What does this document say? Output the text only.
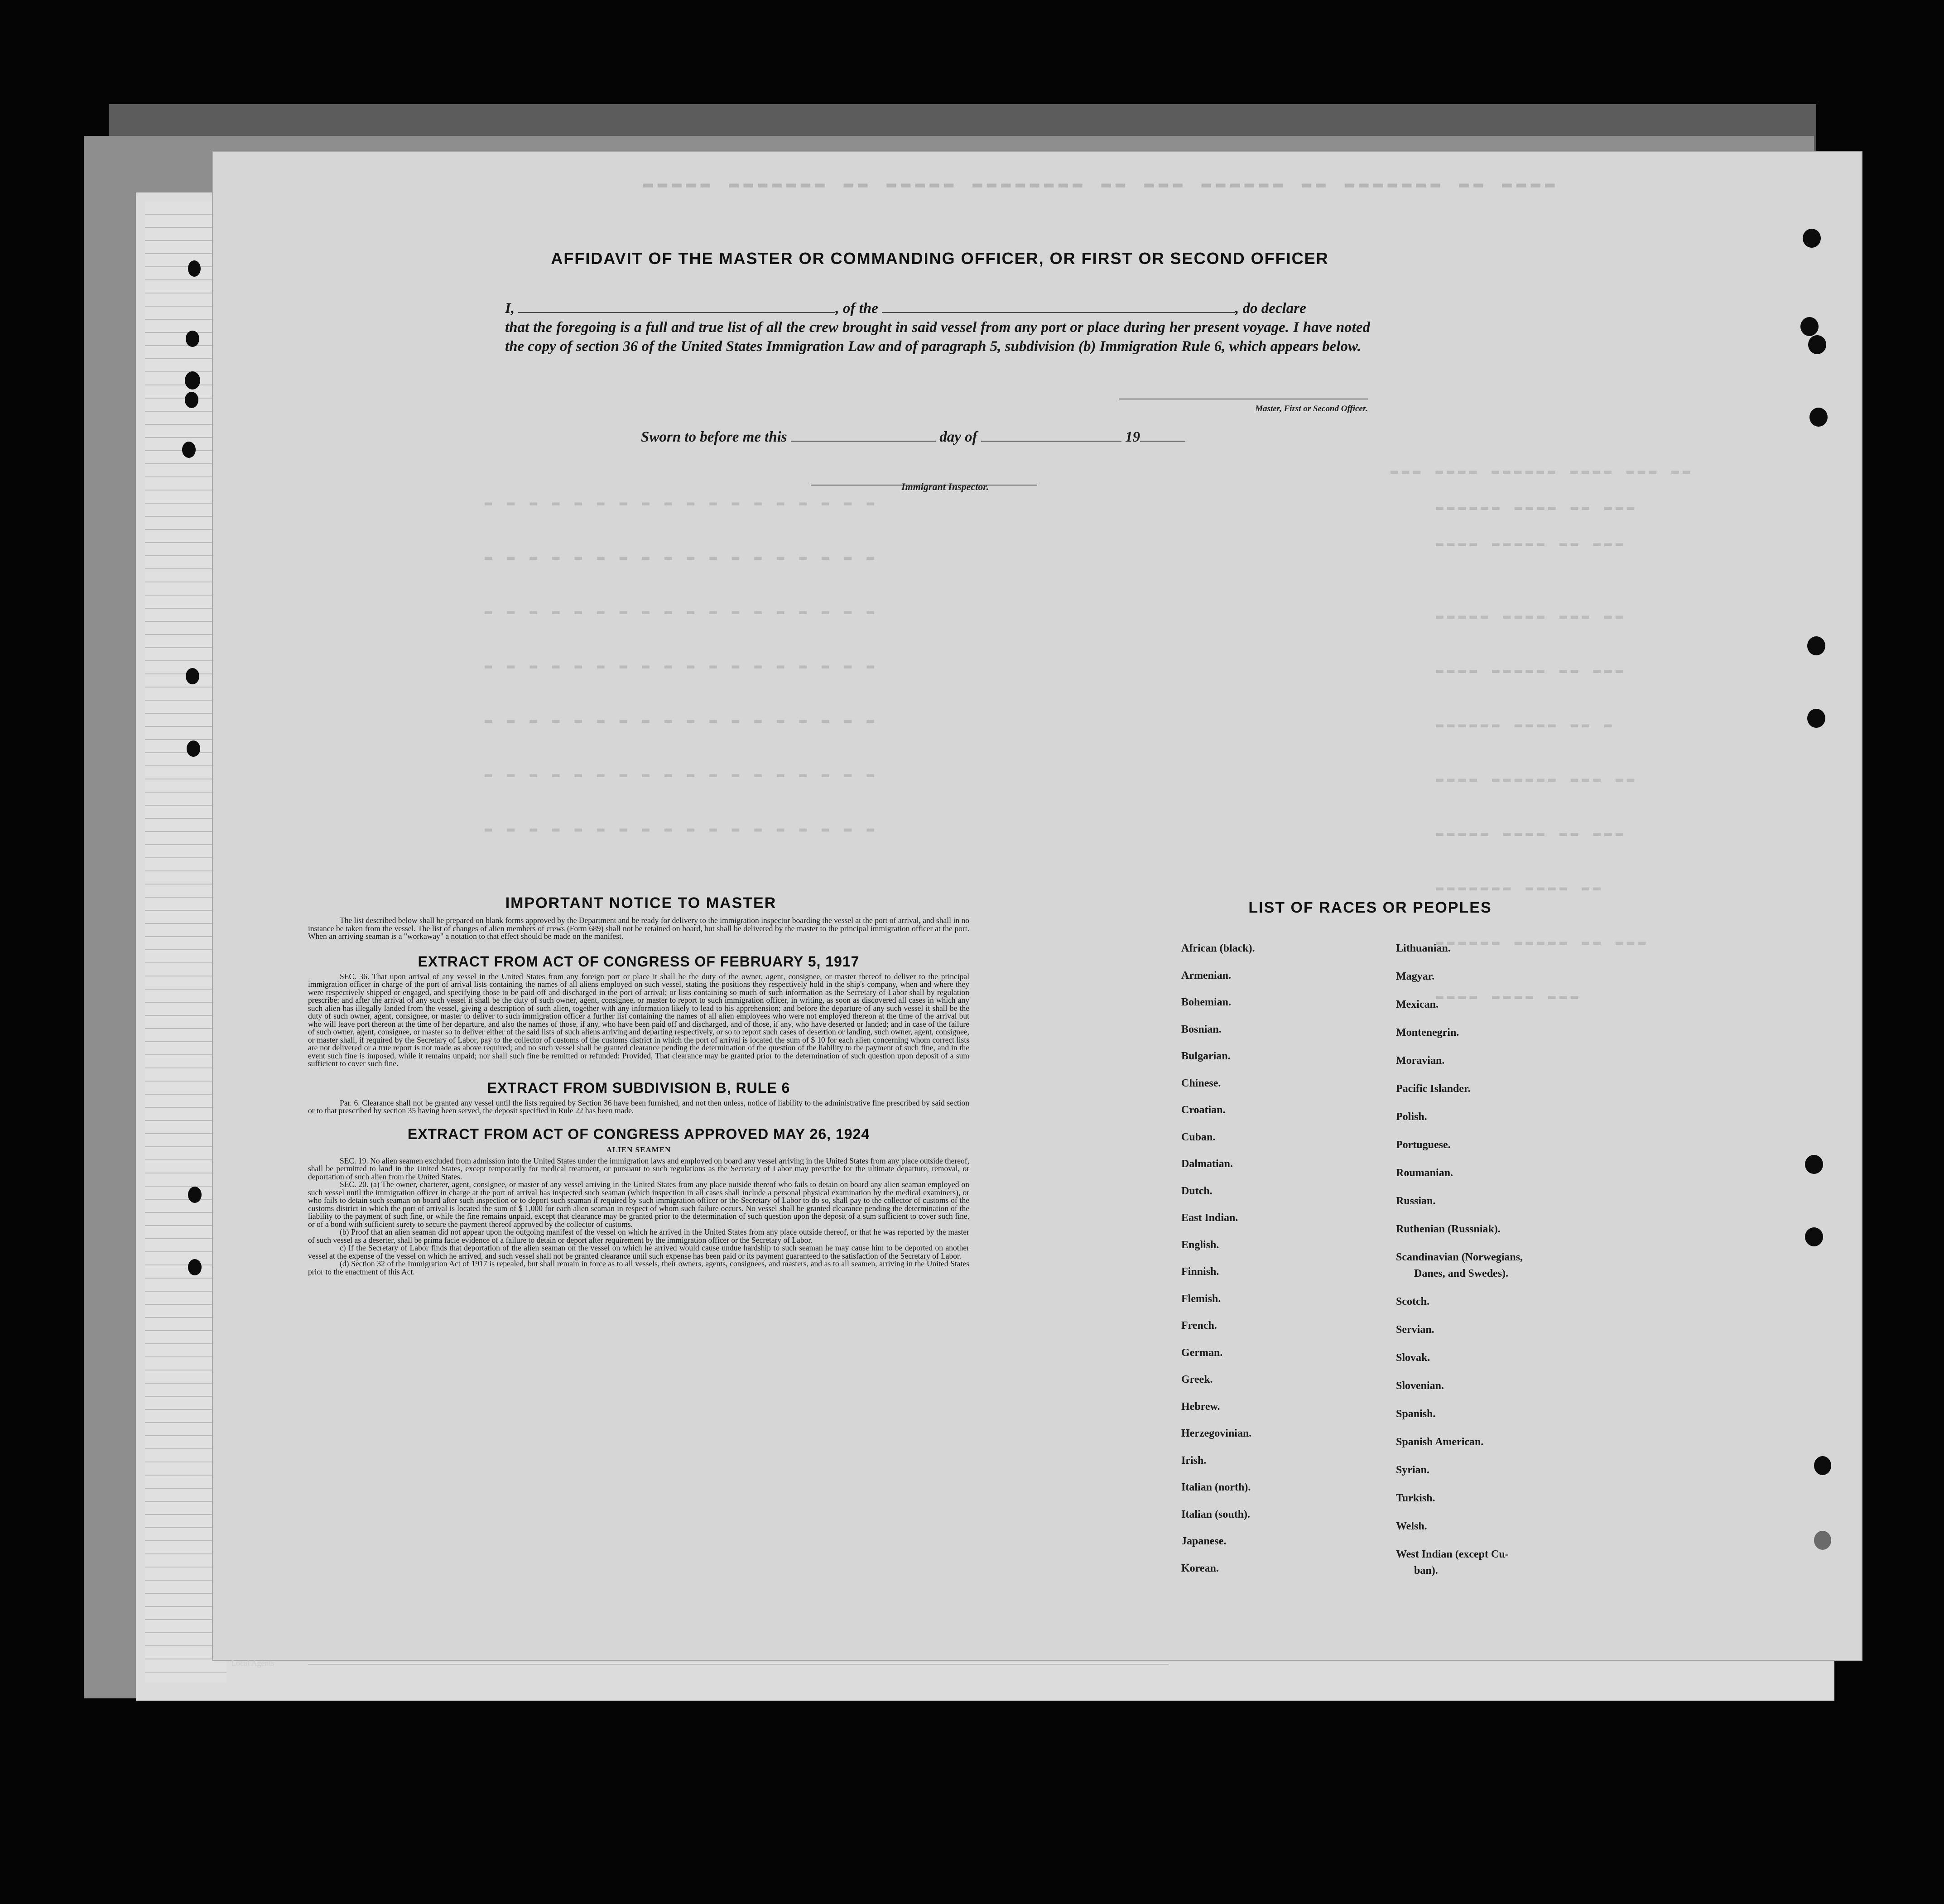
▬▬▬▬▬ ▬▬▬▬▬▬▬ ▬▬ ▬▬▬▬▬ ▬▬▬▬▬▬▬▬ ▬▬ ▬▬▬ ▬▬▬▬▬▬ ▬▬ ▬▬▬▬▬▬▬ ▬▬ ▬▬▬▬
▬▬▬ ▬▬▬▬ ▬▬▬▬▬▬ ▬▬▬▬ ▬▬▬ ▬▬
▬▬▬▬▬▬ ▬▬▬▬ ▬▬ ▬▬▬
▬▬▬▬ ▬▬▬▬▬ ▬▬ ▬▬▬
▬▬▬▬▬ ▬▬▬▬ ▬▬▬ ▬▬
▬▬▬▬ ▬▬▬▬▬ ▬▬ ▬▬▬
▬▬▬▬▬▬ ▬▬▬▬ ▬▬ ▬
▬▬▬▬ ▬▬▬▬▬▬ ▬▬▬ ▬▬
▬▬▬▬▬ ▬▬▬▬ ▬▬ ▬▬▬
▬▬▬▬▬▬▬ ▬▬▬▬ ▬▬
▬▬▬▬▬▬ ▬▬▬▬▬ ▬▬ ▬▬▬
▬▬▬▬ ▬▬▬▬ ▬▬▬
▬ ▬ ▬ ▬ ▬ ▬ ▬ ▬ ▬ ▬ ▬ ▬ ▬ ▬ ▬ ▬ ▬ ▬
▬ ▬ ▬ ▬ ▬ ▬ ▬ ▬ ▬ ▬ ▬ ▬ ▬ ▬ ▬ ▬ ▬ ▬
▬ ▬ ▬ ▬ ▬ ▬ ▬ ▬ ▬ ▬ ▬ ▬ ▬ ▬ ▬ ▬ ▬ ▬
▬ ▬ ▬ ▬ ▬ ▬ ▬ ▬ ▬ ▬ ▬ ▬ ▬ ▬ ▬ ▬ ▬ ▬
▬ ▬ ▬ ▬ ▬ ▬ ▬ ▬ ▬ ▬ ▬ ▬ ▬ ▬ ▬ ▬ ▬ ▬
▬ ▬ ▬ ▬ ▬ ▬ ▬ ▬ ▬ ▬ ▬ ▬ ▬ ▬ ▬ ▬ ▬ ▬
▬ ▬ ▬ ▬ ▬ ▬ ▬ ▬ ▬ ▬ ▬ ▬ ▬ ▬ ▬ ▬ ▬ ▬
AFFIDAVIT OF THE MASTER OR COMMANDING OFFICER, OR FIRST OR SECOND OFFICER
I,	, of the	, do declare
that the foregoing is a full and true list of all the crew brought in said vessel from any port or place during her present voyage. I have noted the copy of section 36 of the United States Immigration Law and of paragraph 5, subdivision (b) Immigration Rule 6, which appears below.
Master, First or Second Officer.
Sworn to before me this	day of	19
Immigrant Inspector.
IMPORTANT NOTICE TO MASTER

The list described below shall be prepared on blank forms approved by the Department and be ready for delivery to the immigration inspector boarding the vessel at the port of arrival, and shall in no instance be taken from the vessel. The list of changes of alien members of crews (Form 689) shall not be retained on board, but shall be delivered by the master to the principal immigration officer at the port. When an arriving seaman is a "workaway" a notation to that effect should be made on the manifest.

EXTRACT FROM ACT OF CONGRESS OF FEBRUARY 5, 1917

SEC. 36. That upon arrival of any vessel in the United States from any foreign port or place it shall be the duty of the owner, agent, consignee, or master thereof to deliver to the principal immigration officer in charge of the port of arrival lists containing the names of all aliens employed on such vessel, stating the positions they respectively hold in the ship's company, when and where they were respectively shipped or engaged, and specifying those to be paid off and discharged in the port of arrival; or lists containing so much of such information as the Secretary of Labor shall by regulation prescribe; and after the arrival of any such vessel it shall be the duty of such owner, agent, consignee, or master to report to such immigration officer, in writing, as soon as discovered all cases in which any such alien has illegally landed from the vessel, giving a description of such alien, together with any information likely to lead to his apprehension; and before the departure of any such vessel it shall be the duty of such owner, agent, consignee, or master to deliver to such immigration officer a further list containing the names of all alien employees who were not employed thereon at the time of the arrival but who will leave port thereon at the time of her departure, and also the names of those, if any, who have been paid off and discharged, and of those, if any, who have deserted or landed; and in case of the failure of such owner, agent, consignee, or master so to deliver either of the said lists of such aliens arriving and departing respectively, or so to report such cases of desertion or landing, such owner, agent, consignee, or master shall, if required by the Secretary of Labor, pay to the collector of customs of the customs district in which the port of arrival is located the sum of $ 10 for each alien concerning whom correct lists are not delivered or a true report is not made as above required; and no such vessel shall be granted clearance pending the determination of the question of the liability to the payment of such fine, and in the event such fine is imposed, while it remains unpaid; nor shall such fine be remitted or refunded: Provided, That clearance may be granted prior to the determination of such question upon deposit of a sum sufficient to cover such fine.

EXTRACT FROM SUBDIVISION B, RULE 6

Par. 6. Clearance shall not be granted any vessel until the lists required by Section 36 have been furnished, and not then unless, notice of liability to the administrative fine prescribed by said section or to that prescribed by section 35 having been served, the deposit specified in Rule 22 has been made.

EXTRACT FROM ACT OF CONGRESS APPROVED MAY 26, 1924
ALIEN SEAMEN

SEC. 19. No alien seamen excluded from admission into the United States under the immigration laws and employed on board any vessel arriving in the United States from any place outside thereof, shall be permitted to land in the United States, except temporarily for medical treatment, or pursuant to such regulations as the Secretary of Labor may prescribe for the ultimate departure, removal, or deportation of such alien from the United States.

SEC. 20. (a) The owner, charterer, agent, consignee, or master of any vessel arriving in the United States from any place outside thereof who fails to detain on board any alien seaman employed on such vessel until the immigration officer in charge at the port of arrival has inspected such seaman (which inspection in all cases shall include a personal physical examination by the medical examiners), or who fails to detain such seaman on board after such inspection or to deport such seaman if required by such immigration officer or the Secretary of Labor to do so, shall pay to the collector of customs of the customs district in which the port of arrival is located the sum of $ 1,000 for each alien seaman in respect of whom such failure occurs. No vessel shall be granted clearance pending the determination of the liability to the payment of such fine, or while the fine remains unpaid, except that clearance may be granted prior to the determination of such question upon the deposit of a sum sufficient to cover such fine, or of a bond with sufficient surety to secure the payment thereof approved by the collector of customs.

(b) Proof that an alien seaman did not appear upon the outgoing manifest of the vessel on which he arrived in the United States from any place outside thereof, or that he was reported by the master of such vessel as a deserter, shall be prima facie evidence of a failure to detain or deport after requirement by the immigration officer or the Secretary of Labor.

c) If the Secretary of Labor finds that deportation of the alien seaman on the vessel on which he arrived would cause undue hardship to such seaman he may cause him to be deported on another vessel at the expense of the vessel on which he arrived, and such vessel shall not be granted clearance until such expense has been paid or its payment guaranteed to the satisfaction of the Secretary of Labor.

(d) Section 32 of the Immigration Act of 1917 is repealed, but shall remain in force as to all vessels, their owners, agents, consignees, and masters, and as to all seamen, arriving in the United States prior to the enactment of this Act.

LIST OF RACES OR PEOPLES
African (black).
Armenian.
Bohemian.
Bosnian.
Bulgarian.
Chinese.
Croatian.
Cuban.
Dalmatian.
Dutch.
East Indian.
English.
Finnish.
Flemish.
French.
German.
Greek.
Hebrew.
Herzegovinian.
Irish.
Italian (north).
Italian (south).
Japanese.
Korean.
Lithuanian.
Magyar.
Mexican.
Montenegrin.
Moravian.
Pacific Islander.
Polish.
Portuguese.
Roumanian.
Russian.
Ruthenian (Russniak).
Scandinavian (Norwegians,
Danes, and Swedes).
Scotch.
Servian.
Slovak.
Slovenian.
Spanish.
Spanish American.
Syrian.
Turkish.
Welsh.
West Indian (except Cu-
ban).
Local Agents
